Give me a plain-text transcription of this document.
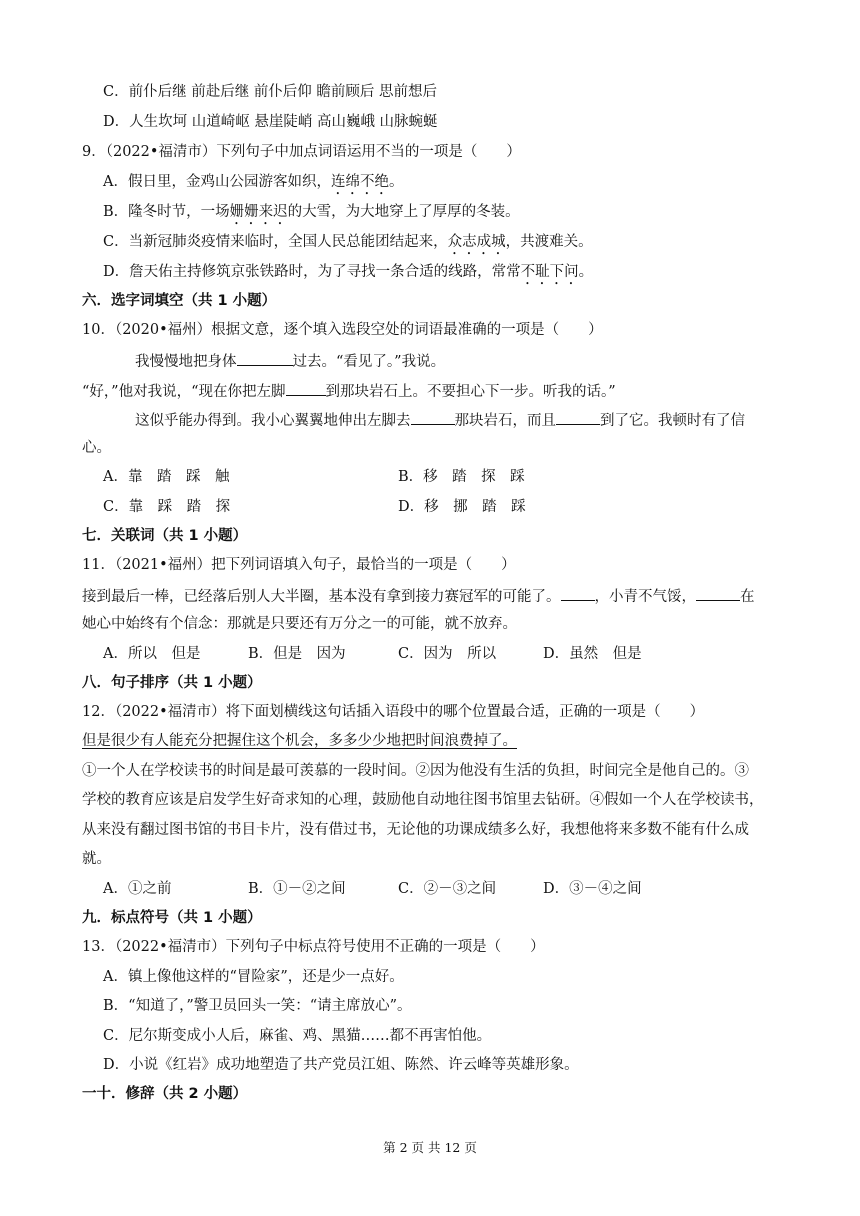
C．前仆后继 前赴后继 前仆后仰 瞻前顾后 思前想后
D．人生坎坷 山道崎岖 悬崖陡峭 高山巍峨 山脉蜿蜒
9．（2022•福清市）下列句子中加点词语运用不当的一项是（　　）
A．假日里，金鸡山公园游客如织，连绵不绝。
B．隆冬时节，一场姗姗来迟的大雪，为大地穿上了厚厚的冬装。
C．当新冠肺炎疫情来临时，全国人民总能团结起来，众志成城，共渡难关。
D．詹天佑主持修筑京张铁路时，为了寻找一条合适的线路，常常不耻下问。
六．选字词填空（共 1 小题）
10．（2020•福州）根据文意，逐个填入选段空处的词语最准确的一项是（　　）
我慢慢地把身体	过去。“看见了。”我说。
“好，”他对我说，“现在你把左脚	到那块岩石上。不要担心下一步。听我的话。”
这似乎能办得到。我小心翼翼地伸出左脚去	那块岩石，而且	到了它。我顿时有了信
心。
A．靠　踏　踩　触	B．移　踏　探　踩
C．靠　踩　踏　探	D．移　挪　踏　踩
七．关联词（共 1 小题）
11．（2021•福州）把下列词语填入句子，最恰当的一项是（　　）
接到最后一棒，已经落后别人大半圈，基本没有拿到接力赛冠军的可能了。 ，小青不气馁，	在
她心中始终有个信念：那就是只要还有万分之一的可能，就不放弃。
A．所以　但是	B．但是　因为	C．因为　所以	D．虽然　但是
八．句子排序（共 1 小题）
12．（2022•福清市）将下面划横线这句话插入语段中的哪个位置最合适，正确的一项是（　　）
但是很少有人能充分把握住这个机会，多多少少地把时间浪费掉了。
①一个人在学校读书的时间是最可羡慕的一段时间。②因为他没有生活的负担，时间完全是他自己的。③
学校的教育应该是启发学生好奇求知的心理，鼓励他自动地往图书馆里去钻研。④假如一个人在学校读书，
从来没有翻过图书馆的书目卡片，没有借过书，无论他的功课成绩多么好，我想他将来多数不能有什么成
就。
A．①之前	B．①－②之间	C．②－③之间	D．③－④之间
九．标点符号（共 1 小题）
13．（2022•福清市）下列句子中标点符号使用不正确的一项是（　　）
A．镇上像他这样的“冒险家”，还是少一点好。
B．“知道了，”警卫员回头一笑：“请主席放心”。
C．尼尔斯变成小人后，麻雀、鸡、黑猫……都不再害怕他。
D．小说《红岩》成功地塑造了共产党员江姐、陈然、许云峰等英雄形象。
一十．修辞（共 2 小题）
第 2 页 共 12 页
